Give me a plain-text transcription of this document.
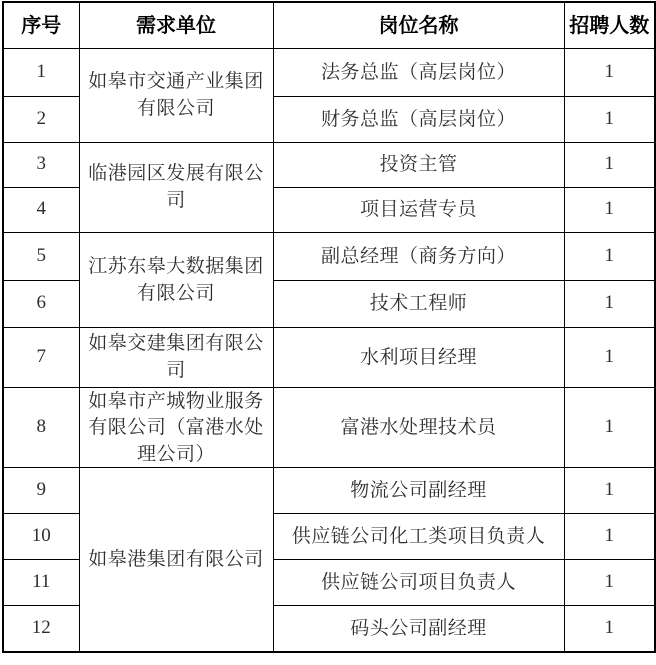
序号	需求单位	岗位名称	招聘人数
1	如皋市交通产业集团有限公司	法务总监（高层岗位）	1
2		财务总监（高层岗位）	1
3	临港园区发展有限公司	投资主管	1
4		项目运营专员	1
5	江苏东皋大数据集团有限公司	副总经理（商务方向）	1
6		技术工程师	1
7	如皋交建集团有限公司	水利项目经理	1
8	如皋市产城物业服务有限公司（富港水处理公司）	富港水处理技术员	1
9	如皋港集团有限公司	物流公司副经理	1
10		供应链公司化工类项目负责人	1
11		供应链公司项目负责人	1
12		码头公司副经理	1
